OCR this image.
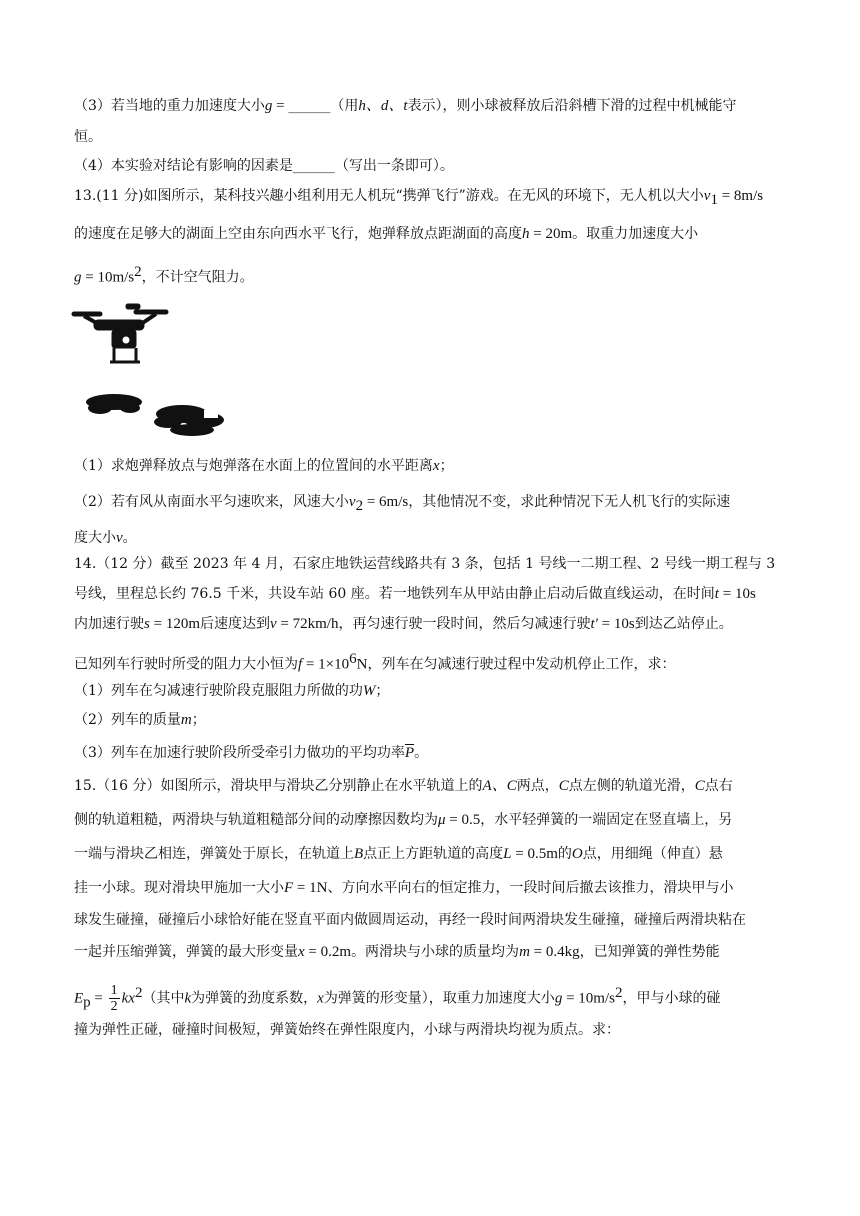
（3）若当地的重力加速度大小g = ______（用h、d、t表示），则小球被释放后沿斜槽下滑的过程中机械能守
恒。
（4）本实验对结论有影响的因素是______（写出一条即可）。
13.(11 分)如图所示，某科技兴趣小组利用无人机玩“携弹飞行”游戏。在无风的环境下，无人机以大小$v_1 = 8m/s$
的速度在足够大的湖面上空由东向西水平飞行，炮弹释放点距湖面的高度h = 20m。取重力加速度大小
$g = 10m/s^2$，不计空气阻力。
（1）求炮弹释放点与炮弹落在水面上的位置间的水平距离x；
（2）若有风从南面水平匀速吹来，风速大小$v_2 = 6m/s$，其他情况不变，求此种情况下无人机飞行的实际速
度大小v。
14.（12 分）截至 2023 年 4 月，石家庄地铁运营线路共有 3 条，包括 1 号线一二期工程、2 号线一期工程与 3
号线，里程总长约 76.5 千米，共设车站 60 座。若一地铁列车从甲站由静止启动后做直线运动，在时间t = 10s
内加速行驶s = 120m后速度达到v = 72km/h，再匀速行驶一段时间，然后匀减速行驶t′ = 10s到达乙站停止。
已知列车行驶时所受的阻力大小恒为$f = 1\times 10^6N$，列车在匀减速行驶过程中发动机停止工作，求：
（1）列车在匀减速行驶阶段克服阻力所做的功W；
（2）列车的质量m；
（3）列车在加速行驶阶段所受牵引力做功的平均功率$\overline{P}$。
15.（16 分）如图所示，滑块甲与滑块乙分别静止在水平轨道上的A、C两点，C点左侧的轨道光滑，C点右
侧的轨道粗糙，两滑块与轨道粗糙部分间的动摩擦因数均为μ = 0.5，水平轻弹簧的一端固定在竖直墙上，另
一端与滑块乙相连，弹簧处于原长，在轨道上B点正上方距轨道的高度L = 0.5m的O点，用细绳（伸直）悬
挂一小球。现对滑块甲施加一大小F = 1N、方向水平向右的恒定推力，一段时间后撤去该推力，滑块甲与小
球发生碰撞，碰撞后小球恰好能在竖直平面内做圆周运动，再经一段时间两滑块发生碰撞，碰撞后两滑块粘在
一起并压缩弹簧，弹簧的最大形变量x = 0.2m。两滑块与小球的质量均为m = 0.4kg，已知弹簧的弹性势能
$E_p = \frac{1}{2} kx^2$（其中k为弹簧的劲度系数，x为弹簧的形变量），取重力加速度大小$g = 10m/s^2$，甲与小球的碰
撞为弹性正碰，碰撞时间极短，弹簧始终在弹性限度内，小球与两滑块均视为质点。求：
